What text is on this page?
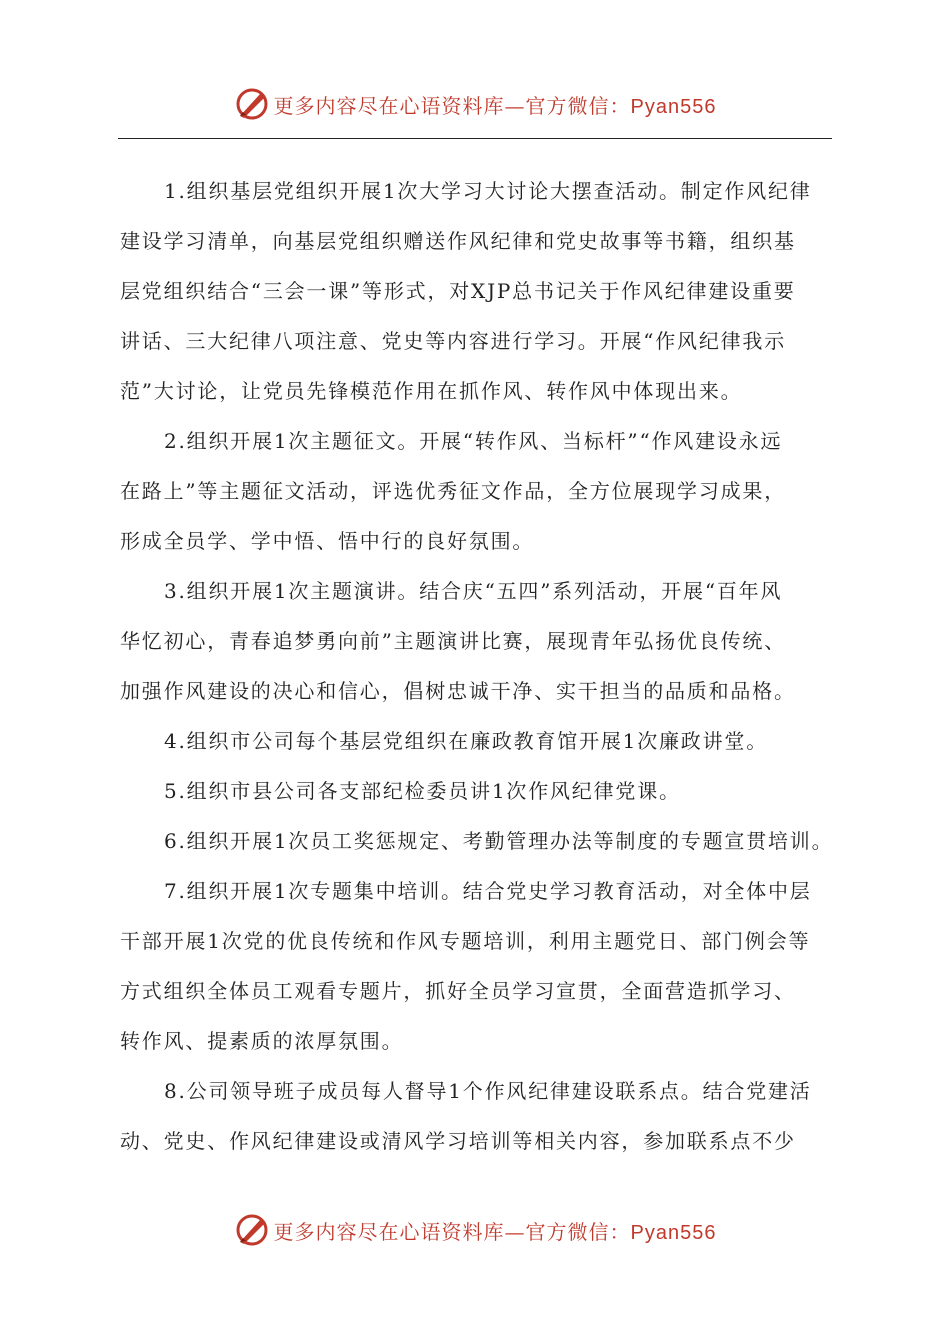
更多内容尽在心语资料库—官方微信：Pyan556

1.组织基层党组织开展1次大学习大讨论大摆查活动。制定作风纪律

建设学习清单，向基层党组织赠送作风纪律和党史故事等书籍，组织基

层党组织结合“三会一课”等形式，对XJP总书记关于作风纪律建设重要

讲话、三大纪律八项注意、党史等内容进行学习。开展“作风纪律我示

范”大讨论，让党员先锋模范作用在抓作风、转作风中体现出来。

2.组织开展1次主题征文。开展“转作风、当标杆”“作风建设永远

在路上”等主题征文活动，评选优秀征文作品，全方位展现学习成果，

形成全员学、学中悟、悟中行的良好氛围。

3.组织开展1次主题演讲。结合庆“五四”系列活动，开展“百年风

华忆初心，青春追梦勇向前”主题演讲比赛，展现青年弘扬优良传统、

加强作风建设的决心和信心，倡树忠诚干净、实干担当的品质和品格。

4.组织市公司每个基层党组织在廉政教育馆开展1次廉政讲堂。

5.组织市县公司各支部纪检委员讲1次作风纪律党课。

6.组织开展1次员工奖惩规定、考勤管理办法等制度的专题宣贯培训。

7.组织开展1次专题集中培训。结合党史学习教育活动，对全体中层

干部开展1次党的优良传统和作风专题培训，利用主题党日、部门例会等

方式组织全体员工观看专题片，抓好全员学习宣贯，全面营造抓学习、

转作风、提素质的浓厚氛围。

8.公司领导班子成员每人督导1个作风纪律建设联系点。结合党建活

动、党史、作风纪律建设或清风学习培训等相关内容，参加联系点不少

更多内容尽在心语资料库—官方微信：Pyan556
